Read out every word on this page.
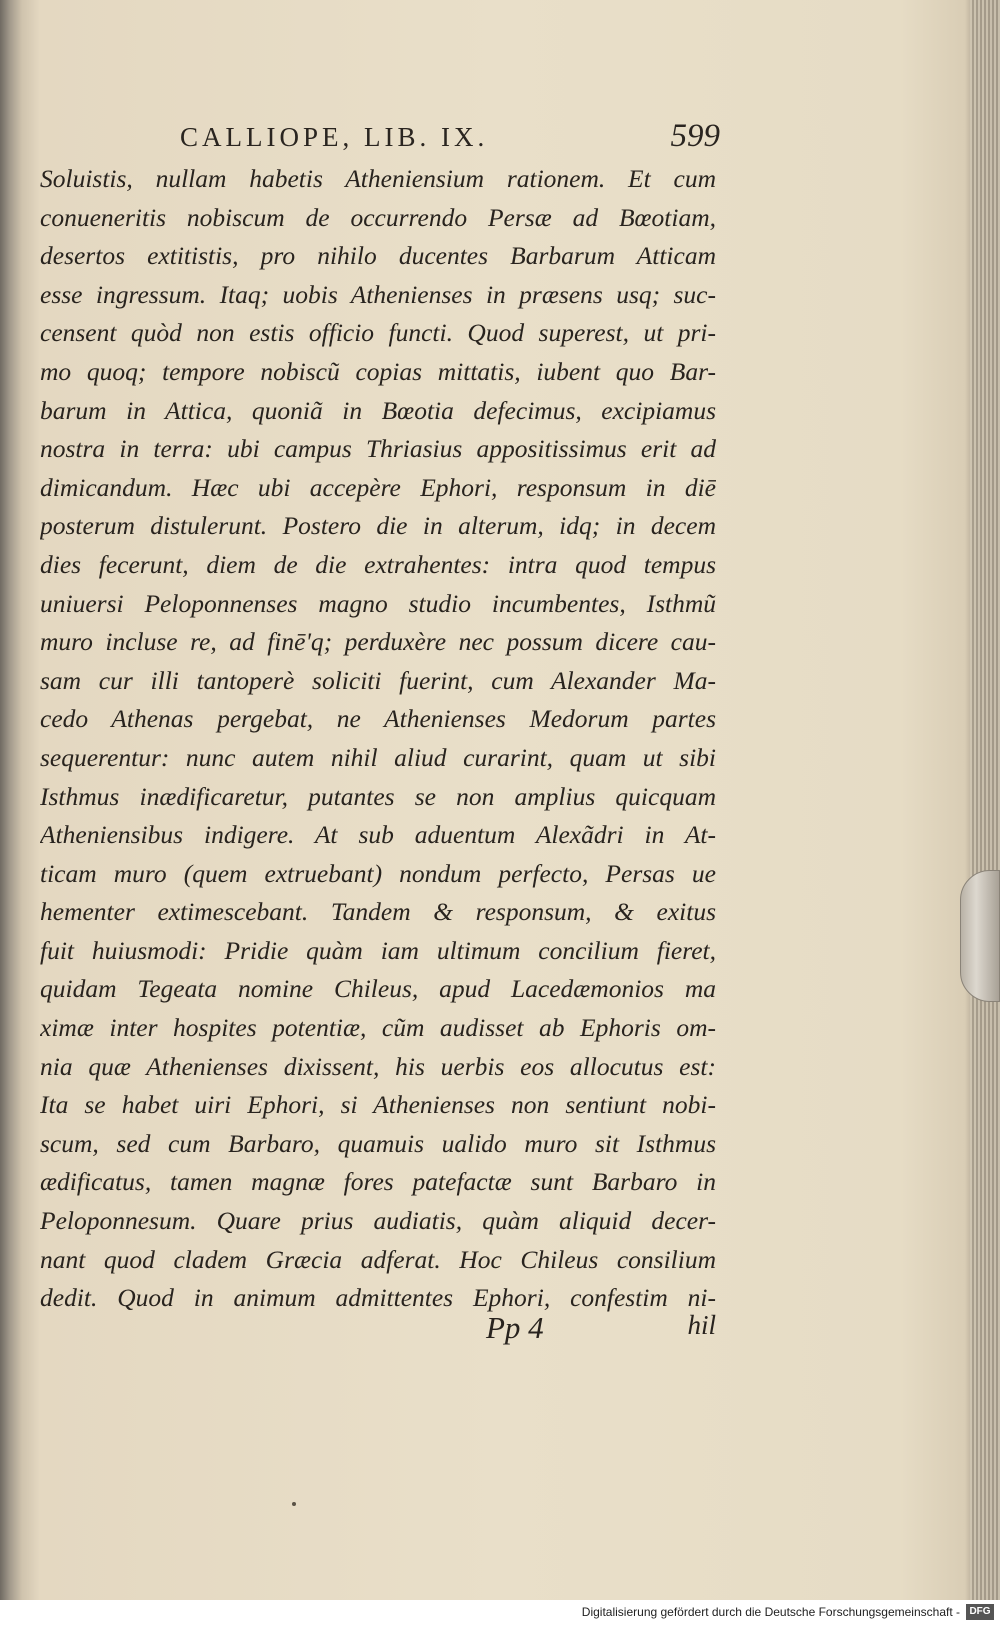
CALLIOPE, LIB. IX.	599
Soluistis, nullam habetis Atheniensium rationem. Et cum
conueneritis nobiscum de occurrendo Persæ ad Bœotiam,
desertos extitistis, pro nihilo ducentes Barbarum Atticam
esse ingressum. Itaq; uobis Athenienses in præsens usq; suc-
censent quòd non estis officio functi. Quod superest, ut pri-
mo quoq; tempore nobiscũ copias mittatis, iubent quo Bar-
barum in Attica, quoniã in Bœotia defecimus, excipiamus
nostra in terra: ubi campus Thriasius appositissimus erit ad
dimicandum. Hæc ubi accepère Ephori, responsum in diē
posterum distulerunt. Postero die in alterum, idq; in decem
dies fecerunt, diem de die extrahentes: intra quod tempus
uniuersi Peloponnenses magno studio incumbentes, Isthmũ
muro incluse re, ad finē'q; perduxère nec possum dicere cau-
sam cur illi tantoperè soliciti fuerint, cum Alexander Ma-
cedo Athenas pergebat, ne Athenienses Medorum partes
sequerentur: nunc autem nihil aliud curarint, quam ut sibi
Isthmus inædificaretur, putantes se non amplius quicquam
Atheniensibus indigere. At sub aduentum Alexãdri in At-
ticam muro (quem extruebant) nondum perfecto, Persas ue
hementer extimescebant. Tandem & responsum, & exitus
fuit huiusmodi: Pridie quàm iam ultimum concilium fieret,
quidam Tegeata nomine Chileus, apud Lacedæmonios ma
ximæ inter hospites potentiæ, cũm audisset ab Ephoris om-
nia quæ Athenienses dixissent, his uerbis eos allocutus est:
Ita se habet uiri Ephori, si Athenienses non sentiunt nobi-
scum, sed cum Barbaro, quamuis ualido muro sit Isthmus
ædificatus, tamen magnæ fores patefactæ sunt Barbaro in
Peloponnesum. Quare prius audiatis, quàm aliquid decer-
nant quod cladem Græcia adferat. Hoc Chileus consilium
dedit. Quod in animum admittentes Ephori, confestim ni-
Pp 4	hil
Digitalisierung gefördert durch die Deutsche Forschungsgemeinschaft - DFG
